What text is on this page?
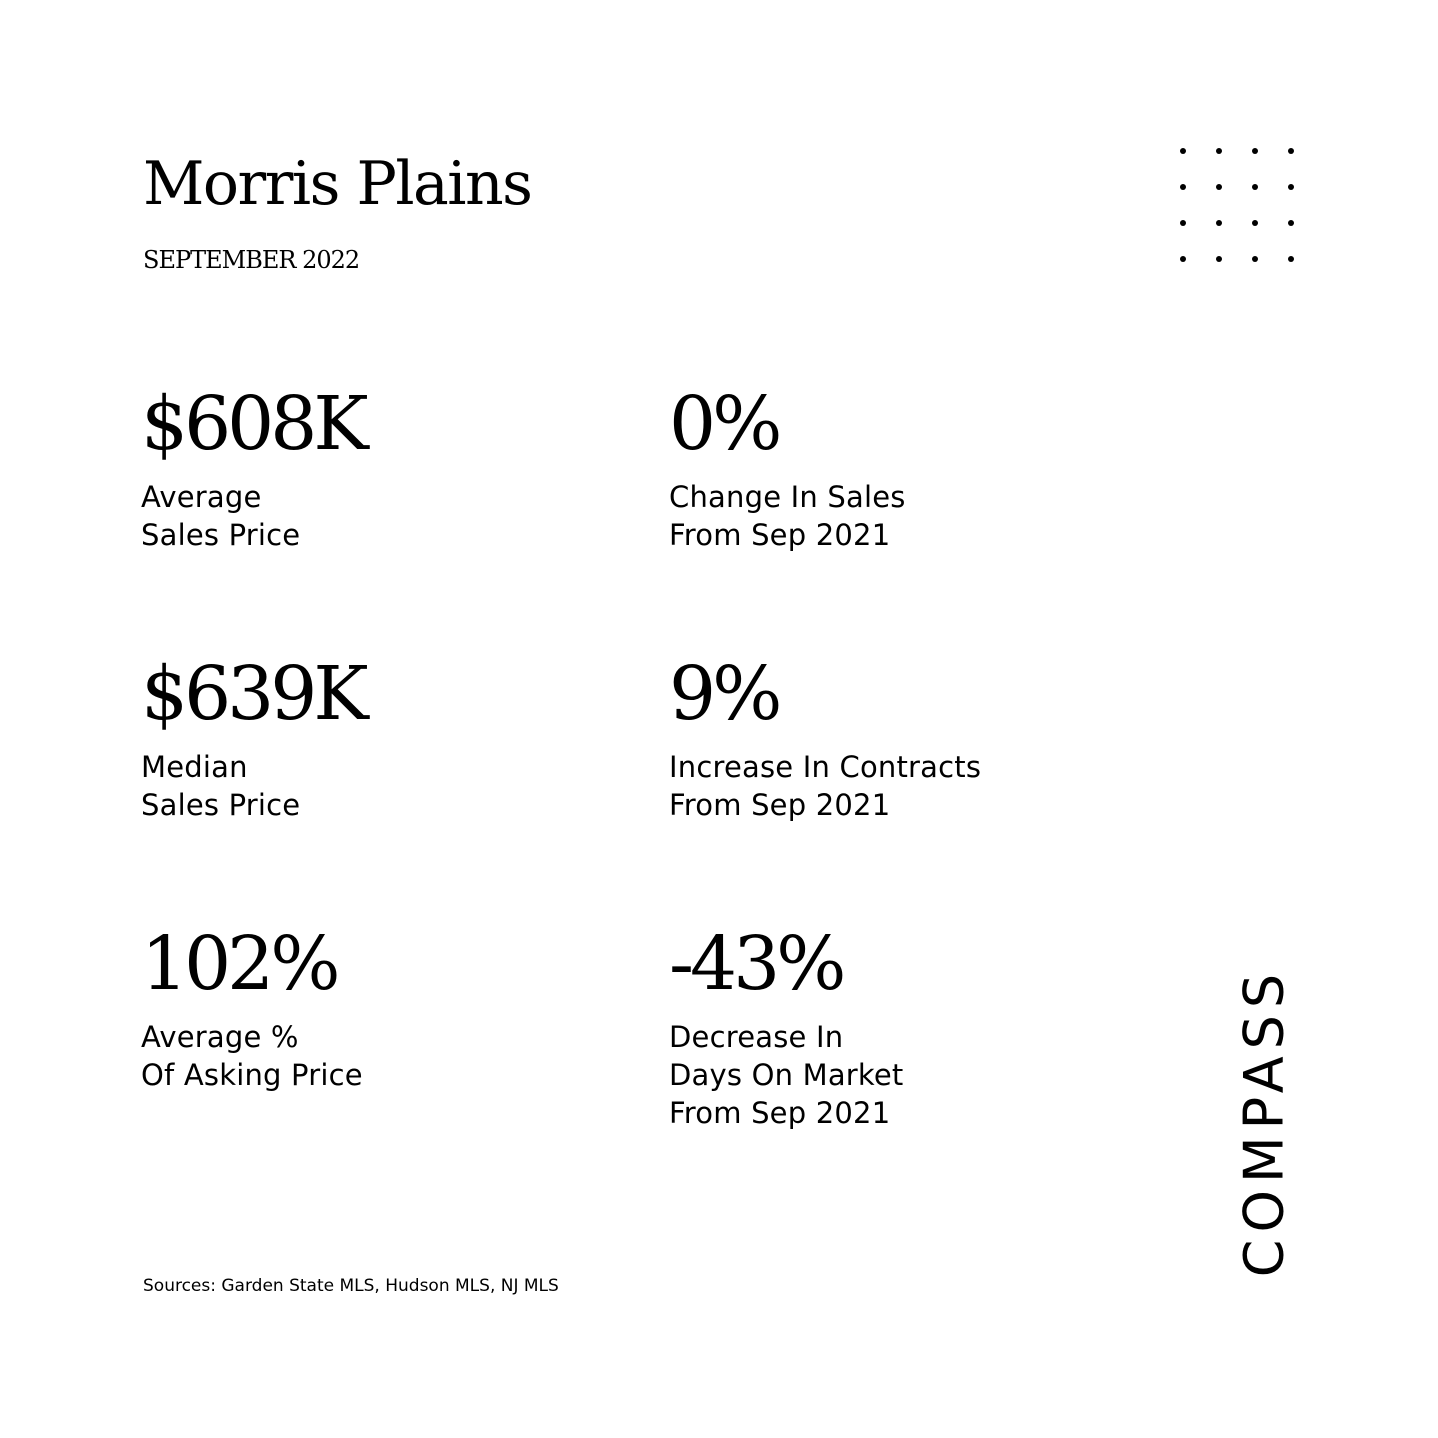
Morris Plains
SEPTEMBER 2022
$608K
Average
Sales Price
0%
Change In Sales
From Sep 2021
$639K
Median
Sales Price
9%
Increase In Contracts
From Sep 2021
102%
Average %
Of Asking Price
-43%
Decrease In
Days On Market
From Sep 2021
Sources: Garden State MLS, Hudson MLS, NJ MLS
COMPASS
